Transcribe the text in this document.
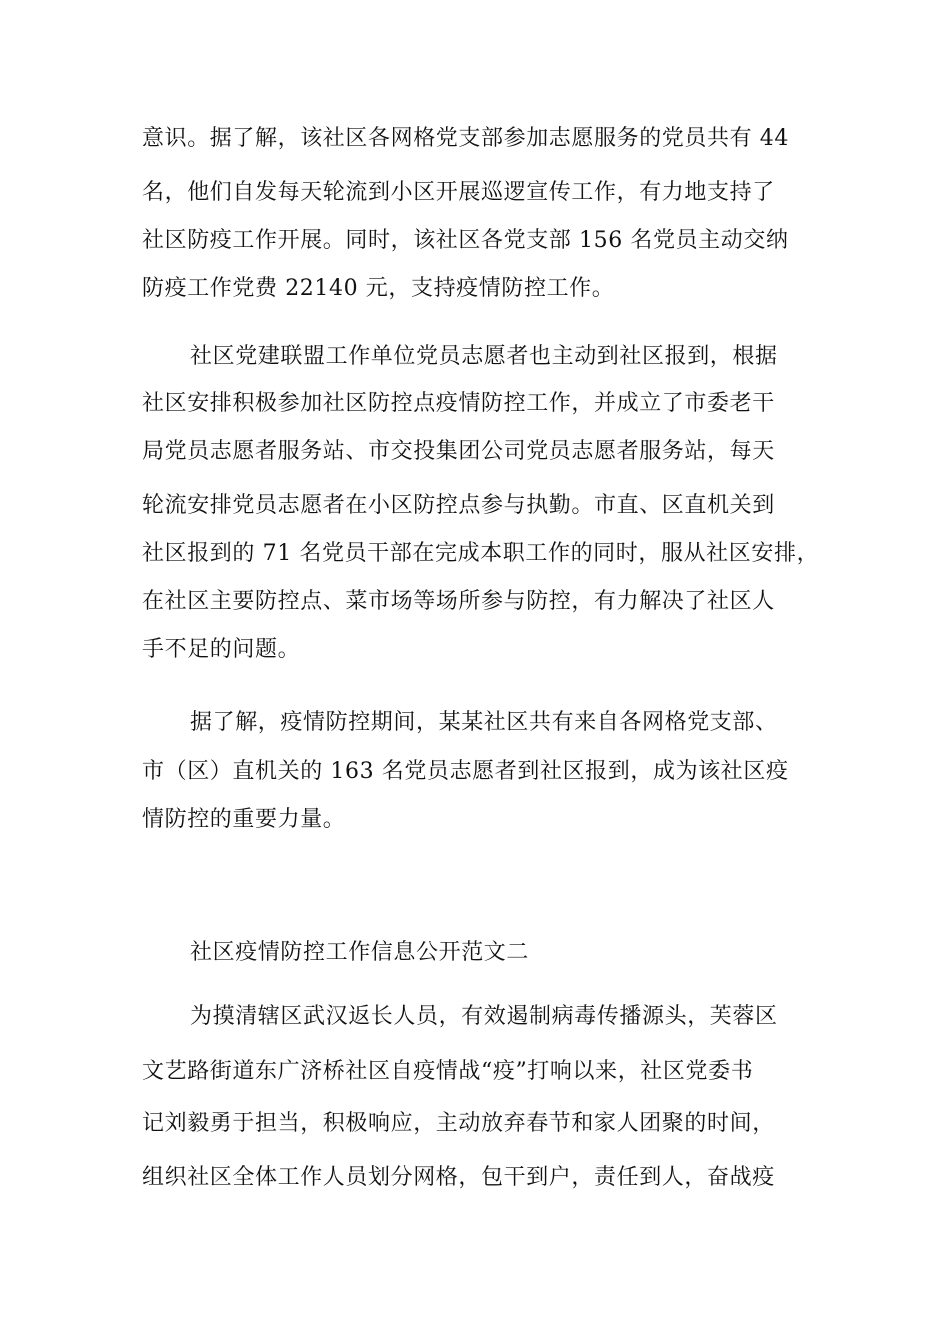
意识。据了解，该社区各网格党支部参加志愿服务的党员共有 44
名，他们自发每天轮流到小区开展巡逻宣传工作，有力地支持了
社区防疫工作开展。同时，该社区各党支部 156 名党员主动交纳
防疫工作党费 22140 元，支持疫情防控工作。
社区党建联盟工作单位党员志愿者也主动到社区报到，根据
社区安排积极参加社区防控点疫情防控工作，并成立了市委老干
局党员志愿者服务站、市交投集团公司党员志愿者服务站，每天
轮流安排党员志愿者在小区防控点参与执勤。市直、区直机关到
社区报到的 71 名党员干部在完成本职工作的同时，服从社区安排，
在社区主要防控点、菜市场等场所参与防控，有力解决了社区人
手不足的问题。
据了解，疫情防控期间，某某社区共有来自各网格党支部、
市（区）直机关的 163 名党员志愿者到社区报到，成为该社区疫
情防控的重要力量。
社区疫情防控工作信息公开范文二
为摸清辖区武汉返长人员，有效遏制病毒传播源头，芙蓉区
文艺路街道东广济桥社区自疫情战“疫”打响以来，社区党委书
记刘毅勇于担当，积极响应，主动放弃春节和家人团聚的时间，
组织社区全体工作人员划分网格，包干到户，责任到人，奋战疫
